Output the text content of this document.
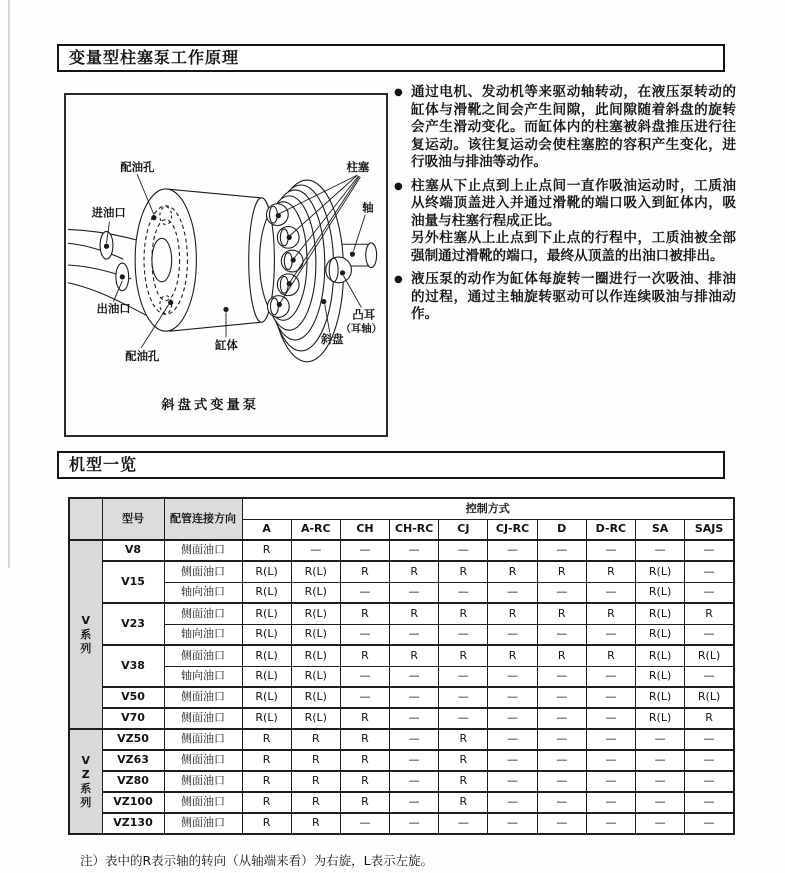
变量型柱塞泵工作原理
配油孔
进油口
出油口
配油孔
缸体
柱塞
轴
凸耳
（耳轴）
斜盘
斜盘式变量泵
● 通过电机、发动机等来驱动轴转动，在液压泵转动的缸体与滑靴之间会产生间隙，此间隙随着斜盘的旋转会产生滑动变化。而缸体内的柱塞被斜盘推压进行往复运动。该往复运动会使柱塞腔的容积产生变化，进行吸油与排油等动作。

● 柱塞从下止点到上止点间一直作吸油运动时，工质油从终端顶盖进入并通过滑靴的端口吸入到缸体内，吸油量与柱塞行程成正比。

另外柱塞从上止点到下止点的行程中，工质油被全部强制通过滑靴的端口，最终从顶盖的出油口被排出。

● 液压泵的动作为缸体每旋转一圈进行一次吸油、排油的过程，通过主轴旋转驱动可以作连续吸油与排油动作。

机型一览
	型号	配管连接方向	控制方式									
			A	A-RC	CH	CH-RC	CJ	CJ-RC	D	D-RC	SA	SAJS

V
系
列	V8	侧面油口	R	—	—	—	—	—	—	—	—	—
	V15	侧面油口	R(L)	R(L)	R	R	R	R	R	R	R(L)	—
		轴向油口	R(L)	R(L)	—	—	—	—	—	—	R(L)	—
	V23	侧面油口	R(L)	R(L)	R	R	R	R	R	R	R(L)	R
		轴向油口	R(L)	R(L)	—	—	—	—	—	—	R(L)	—
	V38	侧面油口	R(L)	R(L)	R	R	R	R	R	R	R(L)	R(L)
		轴向油口	R(L)	R(L)	—	—	—	—	—	—	R(L)	—
	V50	侧面油口	R(L)	R(L)	—	—	—	—	—	—	R(L)	R(L)
	V70	侧面油口	R(L)	R(L)	R	—	—	—	—	—	R(L)	R

V
Z
系
列	VZ50	侧面油口	R	R	R	—	R	—	—	—	—	—
	VZ63	侧面油口	R	R	R	—	R	—	—	—	—	—
	VZ80	侧面油口	R	R	R	—	R	—	—	—	—	—
	VZ100	侧面油口	R	R	R	—	R	—	—	—	—	—
	VZ130	侧面油口	R	R	—	—	—	—	—	—	—	—
注）表中的R表示轴的转向（从轴端来看）为右旋，L表示左旋。
